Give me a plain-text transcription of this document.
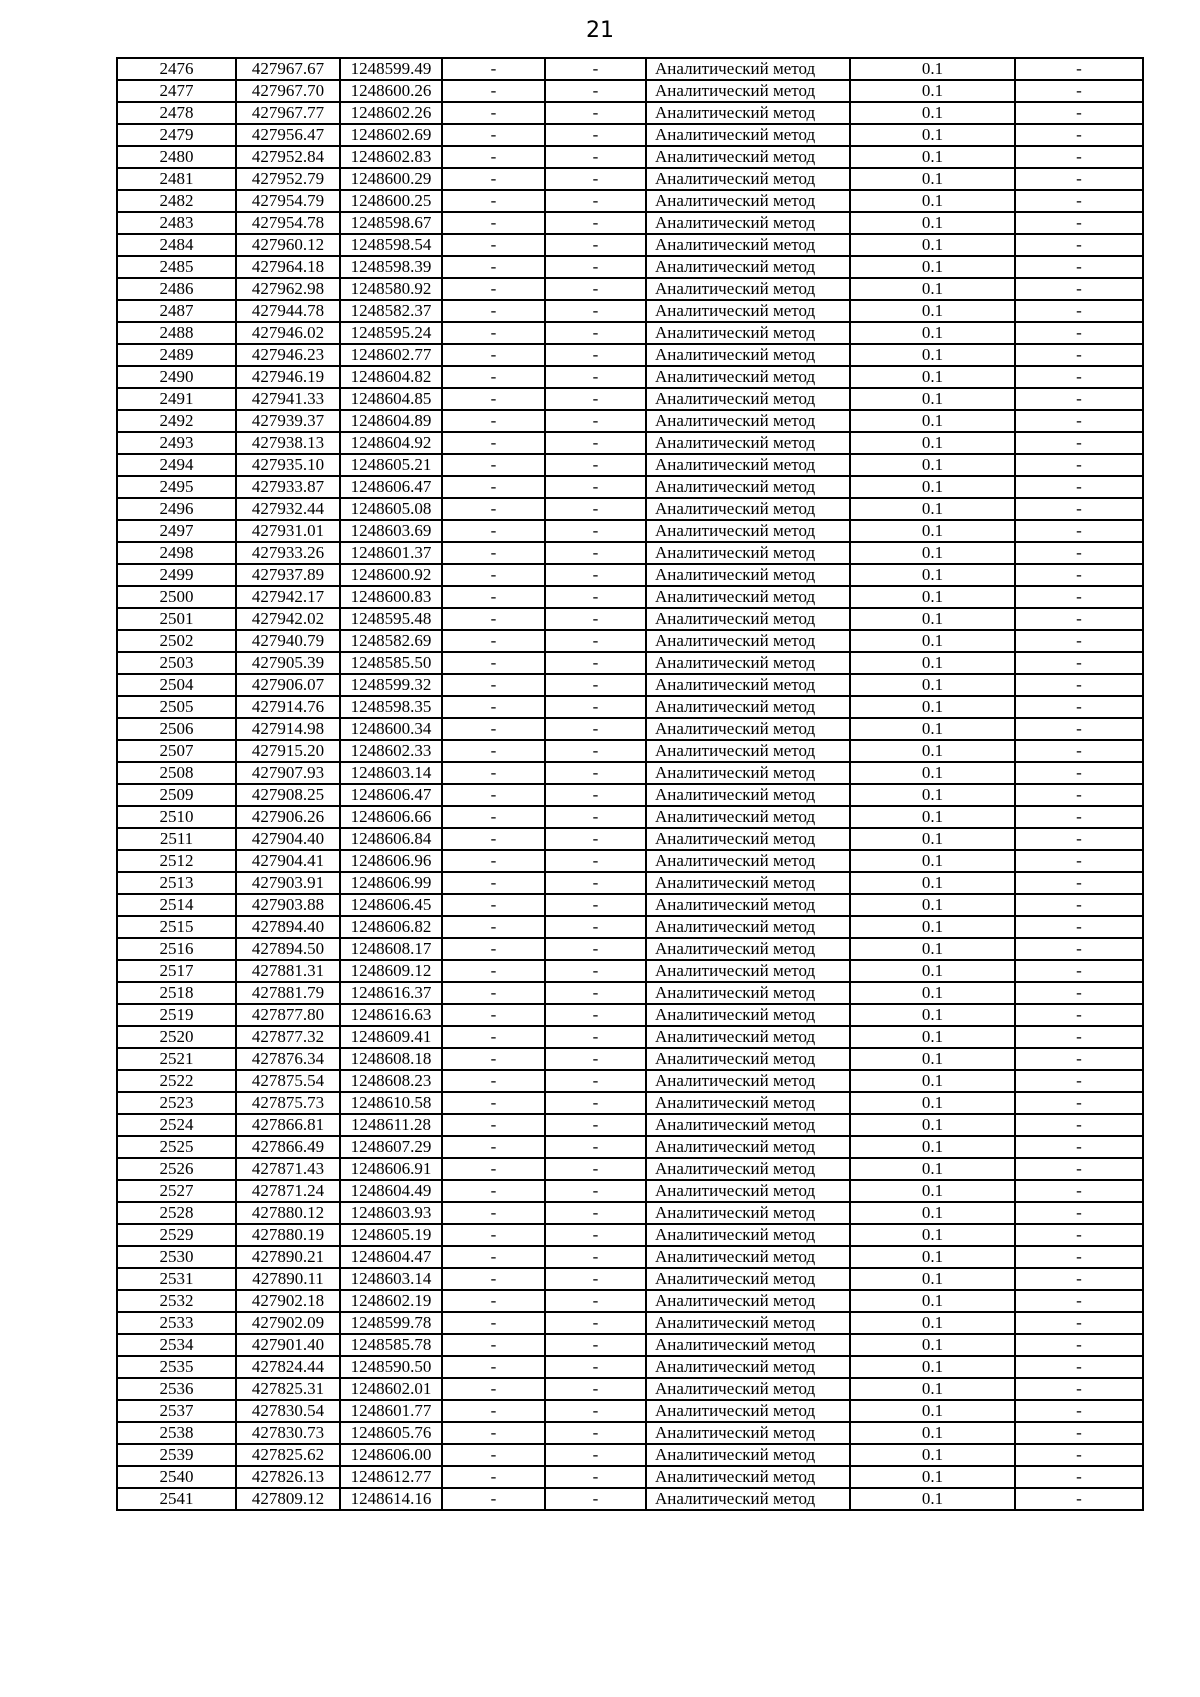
21
2476	427967.67	1248599.49	-	-	Аналитический метод	0.1	-
2477	427967.70	1248600.26	-	-	Аналитический метод	0.1	-
2478	427967.77	1248602.26	-	-	Аналитический метод	0.1	-
2479	427956.47	1248602.69	-	-	Аналитический метод	0.1	-
2480	427952.84	1248602.83	-	-	Аналитический метод	0.1	-
2481	427952.79	1248600.29	-	-	Аналитический метод	0.1	-
2482	427954.79	1248600.25	-	-	Аналитический метод	0.1	-
2483	427954.78	1248598.67	-	-	Аналитический метод	0.1	-
2484	427960.12	1248598.54	-	-	Аналитический метод	0.1	-
2485	427964.18	1248598.39	-	-	Аналитический метод	0.1	-
2486	427962.98	1248580.92	-	-	Аналитический метод	0.1	-
2487	427944.78	1248582.37	-	-	Аналитический метод	0.1	-
2488	427946.02	1248595.24	-	-	Аналитический метод	0.1	-
2489	427946.23	1248602.77	-	-	Аналитический метод	0.1	-
2490	427946.19	1248604.82	-	-	Аналитический метод	0.1	-
2491	427941.33	1248604.85	-	-	Аналитический метод	0.1	-
2492	427939.37	1248604.89	-	-	Аналитический метод	0.1	-
2493	427938.13	1248604.92	-	-	Аналитический метод	0.1	-
2494	427935.10	1248605.21	-	-	Аналитический метод	0.1	-
2495	427933.87	1248606.47	-	-	Аналитический метод	0.1	-
2496	427932.44	1248605.08	-	-	Аналитический метод	0.1	-
2497	427931.01	1248603.69	-	-	Аналитический метод	0.1	-
2498	427933.26	1248601.37	-	-	Аналитический метод	0.1	-
2499	427937.89	1248600.92	-	-	Аналитический метод	0.1	-
2500	427942.17	1248600.83	-	-	Аналитический метод	0.1	-
2501	427942.02	1248595.48	-	-	Аналитический метод	0.1	-
2502	427940.79	1248582.69	-	-	Аналитический метод	0.1	-
2503	427905.39	1248585.50	-	-	Аналитический метод	0.1	-
2504	427906.07	1248599.32	-	-	Аналитический метод	0.1	-
2505	427914.76	1248598.35	-	-	Аналитический метод	0.1	-
2506	427914.98	1248600.34	-	-	Аналитический метод	0.1	-
2507	427915.20	1248602.33	-	-	Аналитический метод	0.1	-
2508	427907.93	1248603.14	-	-	Аналитический метод	0.1	-
2509	427908.25	1248606.47	-	-	Аналитический метод	0.1	-
2510	427906.26	1248606.66	-	-	Аналитический метод	0.1	-
2511	427904.40	1248606.84	-	-	Аналитический метод	0.1	-
2512	427904.41	1248606.96	-	-	Аналитический метод	0.1	-
2513	427903.91	1248606.99	-	-	Аналитический метод	0.1	-
2514	427903.88	1248606.45	-	-	Аналитический метод	0.1	-
2515	427894.40	1248606.82	-	-	Аналитический метод	0.1	-
2516	427894.50	1248608.17	-	-	Аналитический метод	0.1	-
2517	427881.31	1248609.12	-	-	Аналитический метод	0.1	-
2518	427881.79	1248616.37	-	-	Аналитический метод	0.1	-
2519	427877.80	1248616.63	-	-	Аналитический метод	0.1	-
2520	427877.32	1248609.41	-	-	Аналитический метод	0.1	-
2521	427876.34	1248608.18	-	-	Аналитический метод	0.1	-
2522	427875.54	1248608.23	-	-	Аналитический метод	0.1	-
2523	427875.73	1248610.58	-	-	Аналитический метод	0.1	-
2524	427866.81	1248611.28	-	-	Аналитический метод	0.1	-
2525	427866.49	1248607.29	-	-	Аналитический метод	0.1	-
2526	427871.43	1248606.91	-	-	Аналитический метод	0.1	-
2527	427871.24	1248604.49	-	-	Аналитический метод	0.1	-
2528	427880.12	1248603.93	-	-	Аналитический метод	0.1	-
2529	427880.19	1248605.19	-	-	Аналитический метод	0.1	-
2530	427890.21	1248604.47	-	-	Аналитический метод	0.1	-
2531	427890.11	1248603.14	-	-	Аналитический метод	0.1	-
2532	427902.18	1248602.19	-	-	Аналитический метод	0.1	-
2533	427902.09	1248599.78	-	-	Аналитический метод	0.1	-
2534	427901.40	1248585.78	-	-	Аналитический метод	0.1	-
2535	427824.44	1248590.50	-	-	Аналитический метод	0.1	-
2536	427825.31	1248602.01	-	-	Аналитический метод	0.1	-
2537	427830.54	1248601.77	-	-	Аналитический метод	0.1	-
2538	427830.73	1248605.76	-	-	Аналитический метод	0.1	-
2539	427825.62	1248606.00	-	-	Аналитический метод	0.1	-
2540	427826.13	1248612.77	-	-	Аналитический метод	0.1	-
2541	427809.12	1248614.16	-	-	Аналитический метод	0.1	-
